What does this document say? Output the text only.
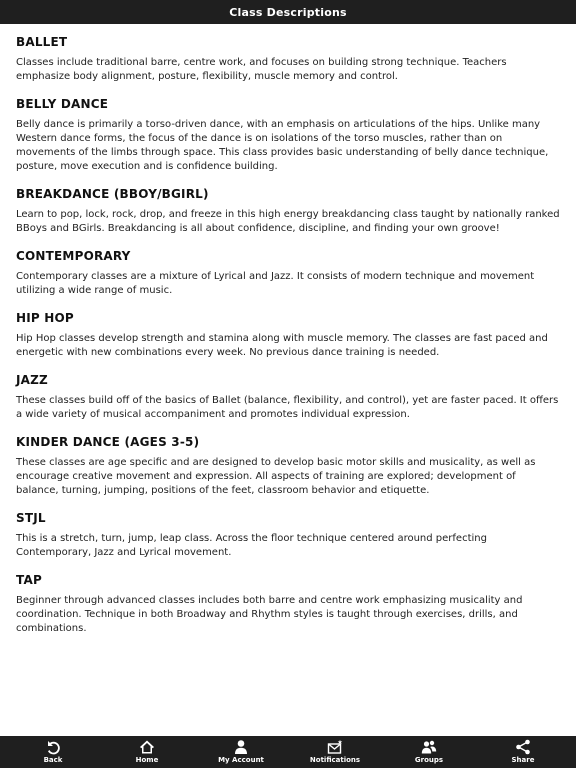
Class Descriptions
BALLET

Classes include traditional barre, centre work, and focuses on building strong technique. Teachers emphasize body alignment, posture, flexibility, muscle memory and control.

BELLY DANCE

Belly dance is primarily a torso-driven dance, with an emphasis on articulations of the hips. Unlike many Western dance forms, the focus of the dance is on isolations of the torso muscles, rather than on movements of the limbs through space. This class provides basic understanding of belly dance technique, posture, move execution and is confidence building.

BREAKDANCE (BBOY/BGIRL)

Learn to pop, lock, rock, drop, and freeze in this high energy breakdancing class taught by nationally ranked BBoys and BGirls. Breakdancing is all about confidence, discipline, and finding your own groove!

CONTEMPORARY

Contemporary classes are a mixture of Lyrical and Jazz. It consists of modern technique and movement utilizing a wide range of music.

HIP HOP

Hip Hop classes develop strength and stamina along with muscle memory. The classes are fast paced and energetic with new combinations every week. No previous dance training is needed.

JAZZ

These classes build off of the basics of Ballet (balance, flexibility, and control), yet are faster paced. It offers a wide variety of musical accompaniment and promotes individual expression.

KINDER DANCE (AGES 3-5)

These classes are age specific and are designed to develop basic motor skills and musicality, as well as encourage creative movement and expression. All aspects of training are explored; development of balance, turning, jumping, positions of the feet, classroom behavior and etiquette.

STJL

This is a stretch, turn, jump, leap class. Across the floor technique centered around perfecting Contemporary, Jazz and Lyrical movement.

TAP

Beginner through advanced classes includes both barre and centre work emphasizing musicality and coordination. Technique in both Broadway and Rhythm styles is taught through exercises, drills, and combinations.

Back	Home	My Account	Notifications	Groups	Share
